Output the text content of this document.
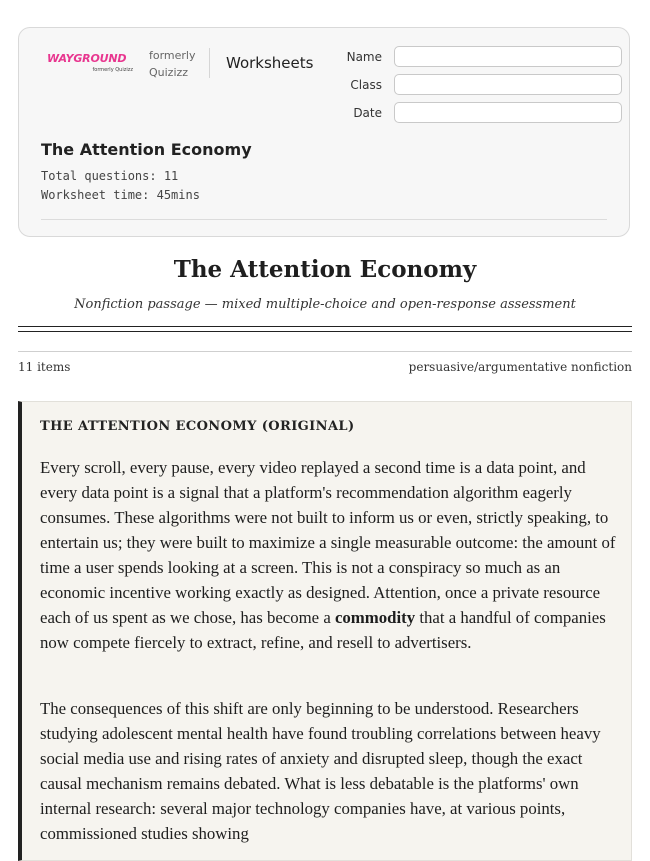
WAYGROUND
formerly Quizizz
formerly
Quizizz
Worksheets	Name
Class
Date
The Attention Economy
Total questions: 11
Worksheet time: 45mins
The Attention Economy
Nonfiction passage — mixed multiple-choice and open-response assessment
11 items	persuasive/argumentative nonfiction
THE ATTENTION ECONOMY (ORIGINAL)
Every scroll, every pause, every video replayed a second time is a data point, and every data point is a signal that a platform's recommendation algorithm eagerly consumes. These algorithms were not built to inform us or even, strictly speaking, to entertain us; they were built to maximize a single measurable outcome: the amount of time a user spends looking at a screen. This is not a conspiracy so much as an economic incentive working exactly as designed. Attention, once a private resource each of us spent as we chose, has become a commodity that a handful of companies now compete fiercely to extract, refine, and resell to advertisers.
The consequences of this shift are only beginning to be understood. Researchers studying adolescent mental health have found troubling correlations between heavy social media use and rising rates of anxiety and disrupted sleep, though the exact causal mechanism remains debated. What is less debatable is the platforms' own internal research: several major technology companies have, at various points, commissioned studies showing
